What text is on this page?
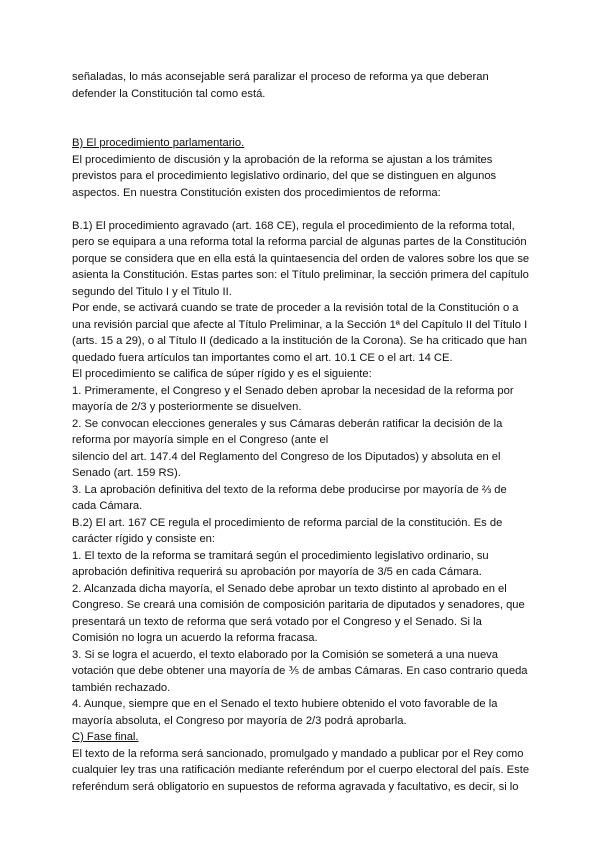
señaladas, lo más aconsejable será paralizar el proceso de reforma ya que deberan
defender la Constitución tal como está.
B) El procedimiento parlamentario.
El procedimiento de discusión y la aprobación de la reforma se ajustan a los trámites
previstos para el procedimiento legislativo ordinario, del que se distinguen en algunos
aspectos. En nuestra Constitución existen dos procedimientos de reforma:
B.1) El procedimiento agravado (art. 168 CE), regula el procedimiento de la reforma total,
pero se equipara a una reforma total la reforma parcial de algunas partes de la Constitución
porque se considera que en ella está la quintaesencia del orden de valores sobre los que se
asienta la Constitución. Estas partes son: el Título preliminar, la sección primera del capítulo
segundo del Titulo I y el Titulo II.
Por ende, se activará cuando se trate de proceder a la revisión total de la Constitución o a
una revisión parcial que afecte al Título Preliminar, a la Sección 1ª del Capítulo II del Título I
(arts. 15 a 29), o al Título II (dedicado a la institución de la Corona). Se ha criticado que han
quedado fuera artículos tan importantes como el art. 10.1 CE o el art. 14 CE.
El procedimiento se califica de súper rígido y es el siguiente:
1. Primeramente, el Congreso y el Senado deben aprobar la necesidad de la reforma por
mayoría de 2/3 y posteriormente se disuelven.
2. Se convocan elecciones generales y sus Cámaras deberán ratificar la decisión de la
reforma por mayoría simple en el Congreso (ante el
silencio del art. 147.4 del Reglamento del Congreso de los Diputados) y absoluta en el
Senado (art. 159 RS).
3. La aprobación definitiva del texto de la reforma debe producirse por mayoría de ⅔ de
cada Cámara.
B.2) El art. 167 CE regula el procedimiento de reforma parcial de la constitución. Es de
carácter rígido y consiste en:
1. El texto de la reforma se tramitará según el procedimiento legislativo ordinario, su
aprobación definitiva requerirá su aprobación por mayoría de 3/5 en cada Cámara.
2. Alcanzada dicha mayoría, el Senado debe aprobar un texto distinto al aprobado en el
Congreso. Se creará una comisión de composición paritaria de diputados y senadores, que
presentará un texto de reforma que será votado por el Congreso y el Senado. Si la
Comisión no logra un acuerdo la reforma fracasa.
3. Si se logra el acuerdo, el texto elaborado por la Comisión se someterá a una nueva
votación que debe obtener una mayoría de ⅗ de ambas Cámaras. En caso contrario queda
también rechazado.
4. Aunque, siempre que en el Senado el texto hubiere obtenido el voto favorable de la
mayoría absoluta, el Congreso por mayoría de 2/3 podrá aprobarla.
C) Fase final.
El texto de la reforma será sancionado, promulgado y mandado a publicar por el Rey como
cualquier ley tras una ratificación mediante referéndum por el cuerpo electoral del país. Este
referéndum será obligatorio en supuestos de reforma agravada y facultativo, es decir, si lo
